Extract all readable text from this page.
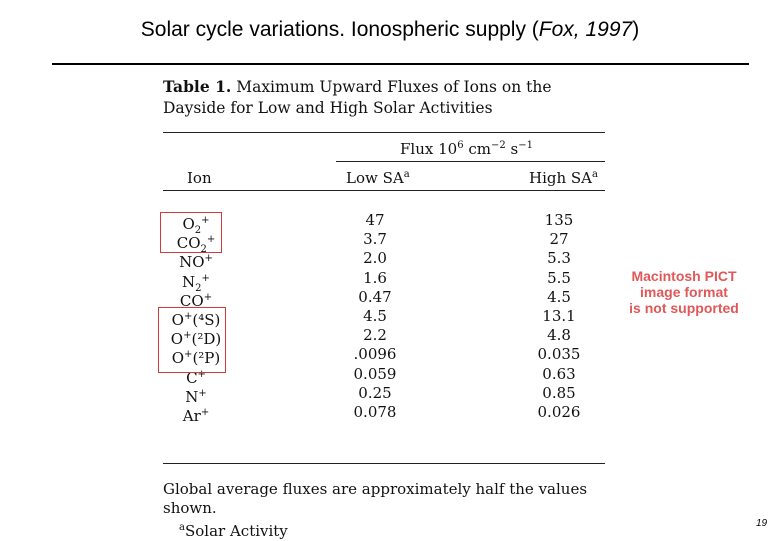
Solar cycle variations. Ionospheric supply (Fox, 1997)
Table 1. Maximum Upward Fluxes of Ions on the Dayside for Low and High Solar Activities
Flux $10^6$ $cm^{-2}$ $s^{-1}$
Ion	Low $SA^a$	High $SA^a$
$O_2^+$
$CO_2^+$
NO+
$N_2^+$
CO+
O+(⁴S)
O+(²D)
O+(²P)
C+
N+
Ar+
47
3.7
2.0
1.6
0.47
4.5
2.2
.0096
0.059
0.25
0.078
135
27
5.3
5.5
4.5
13.1
4.8
0.035
0.63
0.85
0.026
Global average fluxes are approximately half the values shown.
$^a$Solar Activity
Macintosh PICT
image format
is not supported
19
